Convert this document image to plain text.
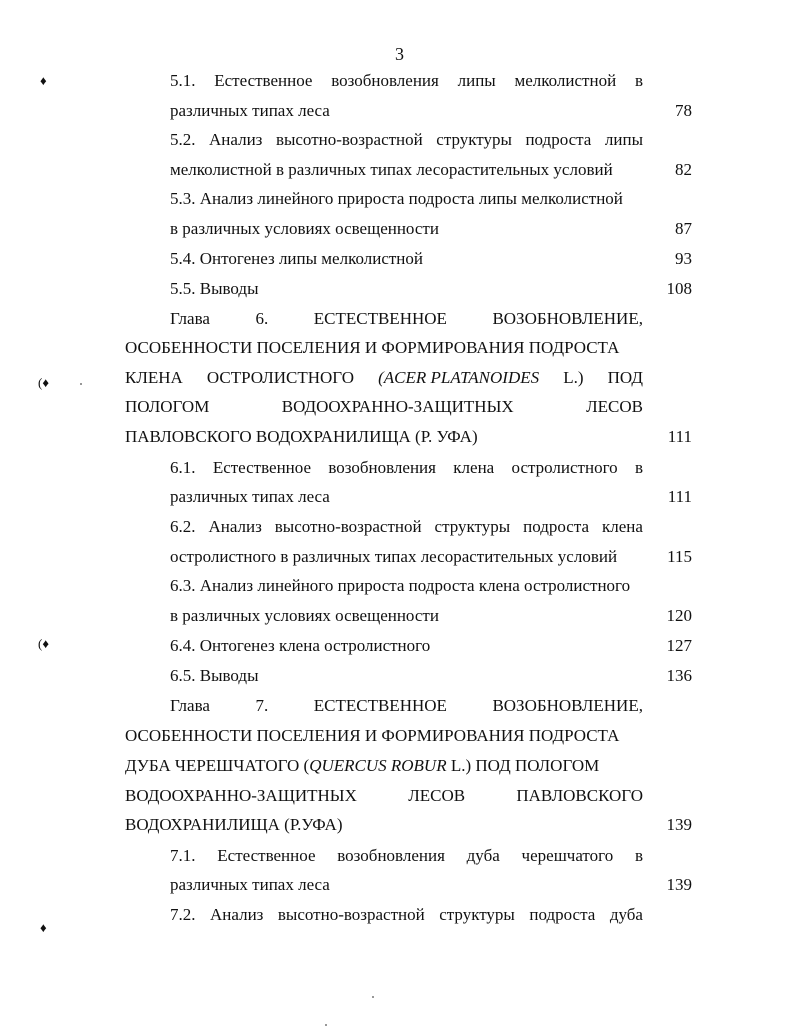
3
♦
(♦
(♦
♦
5.1. Естественное возобновления липы мелколистной в
различных типах леса	78
5.2. Анализ высотно-возрастной структуры подроста липы
мелколистной в различных типах лесорастительных условий	82
5.3. Анализ линейного прироста подроста липы мелколистной
в различных условиях освещенности	87
5.4. Онтогенез липы мелколистной	93
5.5. Выводы	108
Глава	6.	ЕСТЕСТВЕННОЕ	ВОЗОБНОВЛЕНИЕ,
ОСОБЕННОСТИ ПОСЕЛЕНИЯ И ФОРМИРОВАНИЯ ПОДРОСТА
КЛЕНА ОСТРОЛИСТНОГО (ACER PLATANOIDES L.) ПОД
ПОЛОГОМ	ВОДООХРАННО-ЗАЩИТНЫХ	ЛЕСОВ
ПАВЛОВСКОГО ВОДОХРАНИЛИЩА (Р. УФА)	111
6.1. Естественное возобновления клена остролистного в
различных типах леса	111
6.2. Анализ высотно-возрастной структуры подроста клена
остролистного в различных типах лесорастительных условий	115
6.3. Анализ линейного прироста подроста клена остролистного
в различных условиях освещенности	120
6.4. Онтогенез клена остролистного	127
6.5. Выводы	136
Глава	7.	ЕСТЕСТВЕННОЕ	ВОЗОБНОВЛЕНИЕ,
ОСОБЕННОСТИ ПОСЕЛЕНИЯ И ФОРМИРОВАНИЯ ПОДРОСТА
ДУБА ЧЕРЕШЧАТОГО (QUERCUS ROBUR L.) ПОД ПОЛОГОМ
ВОДООХРАННО-ЗАЩИТНЫХ	ЛЕСОВ	ПАВЛОВСКОГО
ВОДОХРАНИЛИЩА (Р.УФА)	139
7.1. Естественное возобновления дуба черешчатого в
различных типах леса	139
7.2. Анализ высотно-возрастной структуры подроста дуба
